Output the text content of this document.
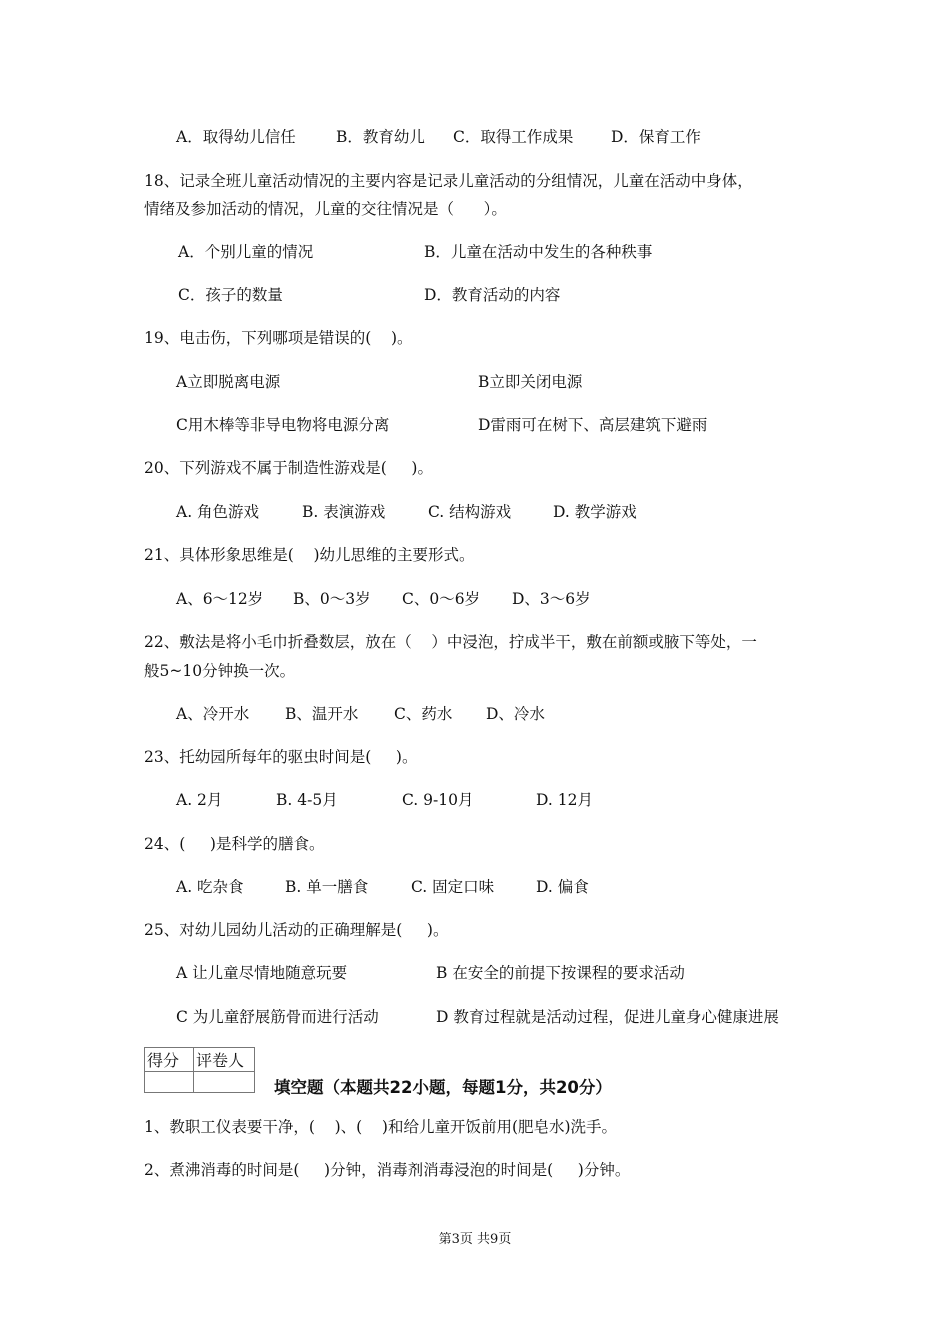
A．取得幼儿信任	B．教育幼儿 C．取得工作成果 D．保育工作
18、记录全班儿童活动情况的主要内容是记录儿童活动的分组情况，儿童在活动中身体，
情绪及参加活动的情况，儿童的交往情况是（      ）。
A．个别儿童的情况	B．儿童在活动中发生的各种秩事
C．孩子的数量	D．教育活动的内容
19、电击伤，下列哪项是错误的(    )。
A立即脱离电源	B立即关闭电源
C用木棒等非导电物将电源分离	D雷雨可在树下、高层建筑下避雨
20、下列游戏不属于制造性游戏是(     )。
A. 角色游戏	B. 表演游戏	C. 结构游戏	D. 教学游戏
21、具体形象思维是(    )幼儿思维的主要形式。
A、6～12岁 B、0～3岁 C、0～6岁 D、3～6岁
22、敷法是将小毛巾折叠数层，放在（    ）中浸泡，拧成半干，敷在前额或腋下等处，一
般5~10分钟换一次。
A、冷开水 B、温开水 C、药水 D、冷水
23、托幼园所每年的驱虫时间是(     )。
A. 2月	B. 4-5月	C. 9-10月	D. 12月
24、(     )是科学的膳食。
A. 吃杂食	B. 单一膳食	C. 固定口味	D. 偏食
25、对幼儿园幼儿活动的正确理解是(     )。
A 让儿童尽情地随意玩要	B 在安全的前提下按课程的要求活动
C 为儿童舒展筋骨而进行活动	D 教育过程就是活动过程，促进儿童身心健康进展
得分	评卷人

填空题（本题共22小题，每题1分，共20分）
1、教职工仪表要干净，(    )、(    )和给儿童开饭前用(肥皂水)洗手。
2、煮沸消毒的时间是(     )分钟，消毒剂消毒浸泡的时间是(     )分钟。
第3页 共9页
